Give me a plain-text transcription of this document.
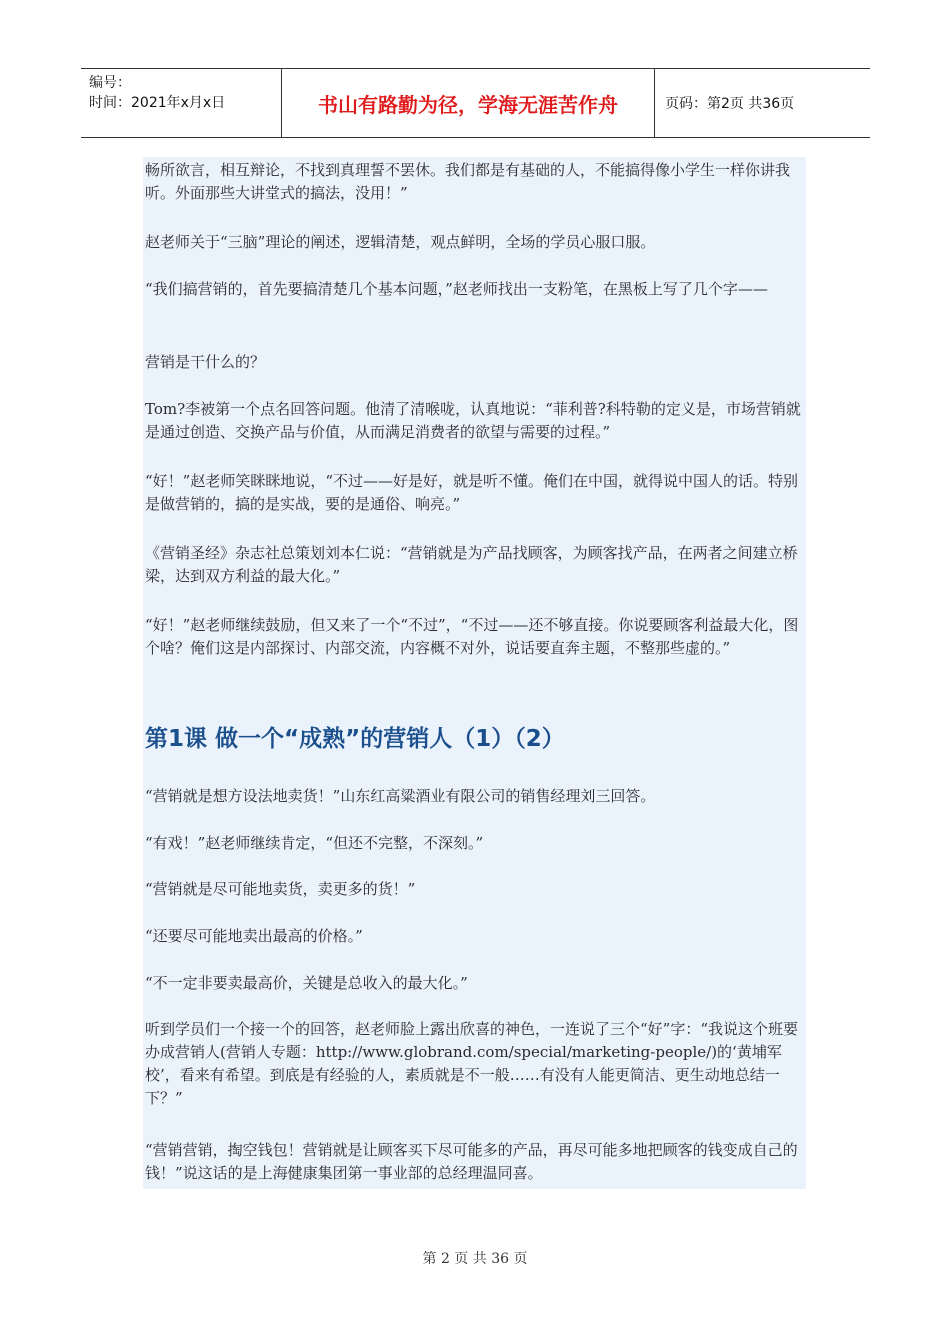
编号：
时间：2021年x月x日	书山有路勤为径，学海无涯苦作舟	页码：第2页 共36页
畅所欲言，相互辩论，不找到真理誓不罢休。我们都是有基础的人，不能搞得像小学生一样你讲我听。外面那些大讲堂式的搞法，没用！”
赵老师关于“三脑”理论的阐述，逻辑清楚，观点鲜明，全场的学员心服口服。
“我们搞营销的，首先要搞清楚几个基本问题，”赵老师找出一支粉笔，在黑板上写了几个字——
营销是干什么的？
Tom?李被第一个点名回答问题。他清了清喉咙，认真地说：“菲利普?科特勒的定义是，市场营销就是通过创造、交换产品与价值，从而满足消费者的欲望与需要的过程。”
“好！”赵老师笑眯眯地说，“不过——好是好，就是听不懂。俺们在中国，就得说中国人的话。特别是做营销的，搞的是实战，要的是通俗、响亮。”
《营销圣经》杂志社总策划刘本仁说：“营销就是为产品找顾客，为顾客找产品，在两者之间建立桥梁，达到双方利益的最大化。”
“好！”赵老师继续鼓励，但又来了一个“不过”，“不过——还不够直接。你说要顾客利益最大化，图个啥？俺们这是内部探讨、内部交流，内容概不对外，说话要直奔主题，不整那些虚的。”
第1课 做一个“成熟”的营销人（1）（2）
“营销就是想方设法地卖货！”山东红高粱酒业有限公司的销售经理刘三回答。
“有戏！”赵老师继续肯定，“但还不完整，不深刻。”
“营销就是尽可能地卖货，卖更多的货！”
“还要尽可能地卖出最高的价格。”
“不一定非要卖最高价，关键是总收入的最大化。”
听到学员们一个接一个的回答，赵老师脸上露出欣喜的神色，一连说了三个“好”字：“我说这个班要办成营销人(营销人专题：http://www.globrand.com/special/marketing-people/)的‘黄埔军校’，看来有希望。到底是有经验的人，素质就是不一般……有没有人能更简洁、更生动地总结一下？”
“营销营销，掏空钱包！营销就是让顾客买下尽可能多的产品，再尽可能多地把顾客的钱变成自己的钱！”说这话的是上海健康集团第一事业部的总经理温同喜。
第 2 页 共 36 页
